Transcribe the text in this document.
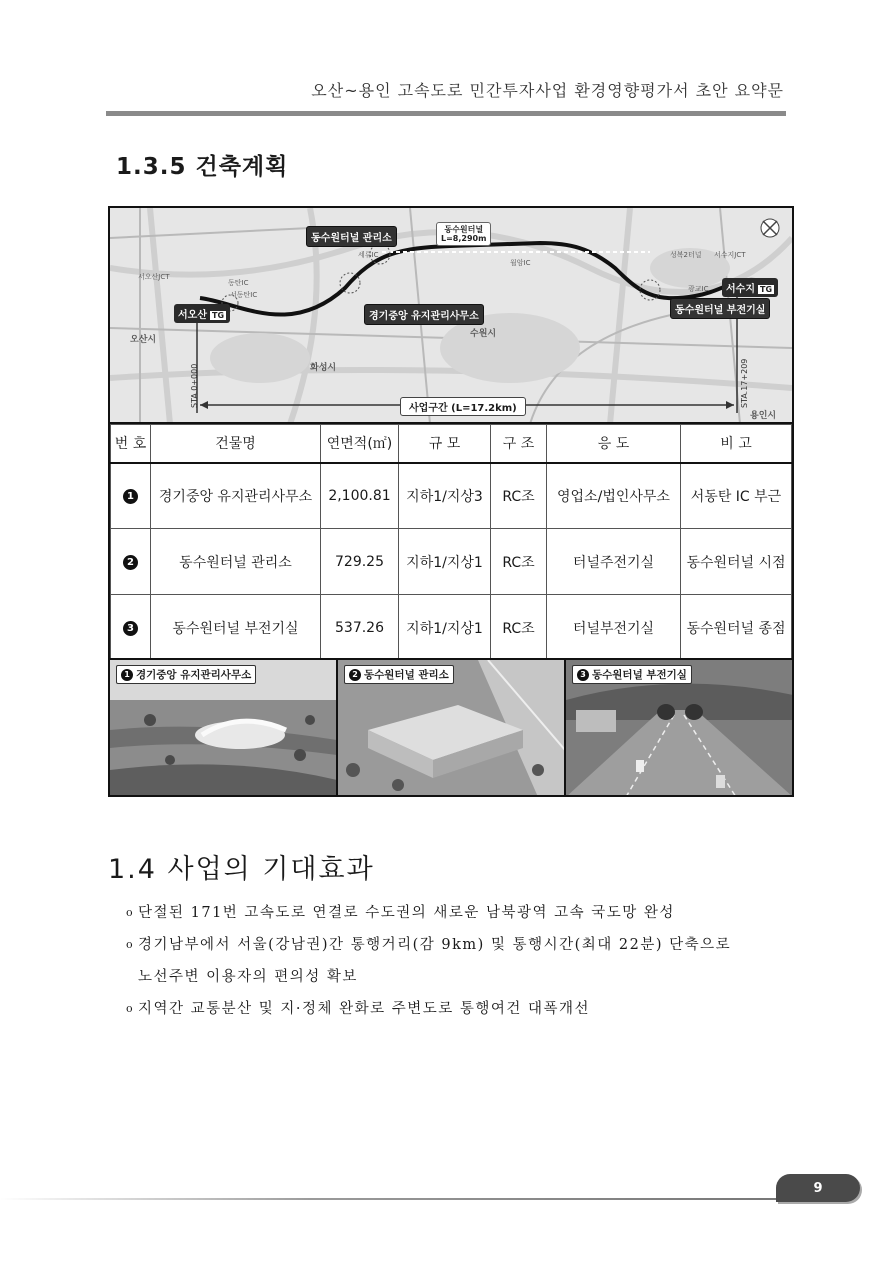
오산~용인 고속도로 민간투자사업 환경영향평가서 초안 요약문
1.3.5 건축계획
동수원터널 관리소
동수원터널
L=8,290m
경기중앙 유지관리사무소
동수원터널 부전기실
서오산 TG
서수지 TG
사업구간 (L=17.2km)
STA.0+000	STA.17+209
오산시
화성시
수원시
용인시
서오산JCT
동탄IC
서동탄IC
세류IC
월암IC
광교IC
서수지JCT
성복2터널
번 호	건물명	연면적(㎡)	규 모	구 조	응 도	비 고
1	경기중앙 유지관리사무소	2,100.81	지하1/지상3	RC조	영업소/법인사무소	서동탄 IC 부근
2	동수원터널 관리소	729.25	지하1/지상1	RC조	터널주전기실	동수원터널 시점
3	동수원터널 부전기실	537.26	지하1/지상1	RC조	터널부전기실	동수원터널 종점
1 경기중앙 유지관리사무소	2 동수원터널 관리소	3 동수원터널 부전기실
1.4 사업의 기대효과
o 단절된 171번 고속도로 연결로 수도권의 새로운 남북광역 고속 국도망 완성
o 경기남부에서 서울(강남권)간 통행거리(감 9km) 및 통행시간(최대 22분) 단축으로
노선주변 이용자의 편의성 확보
o 지역간 교통분산 및 지·정체 완화로 주변도로 통행여건 대폭개선
9
